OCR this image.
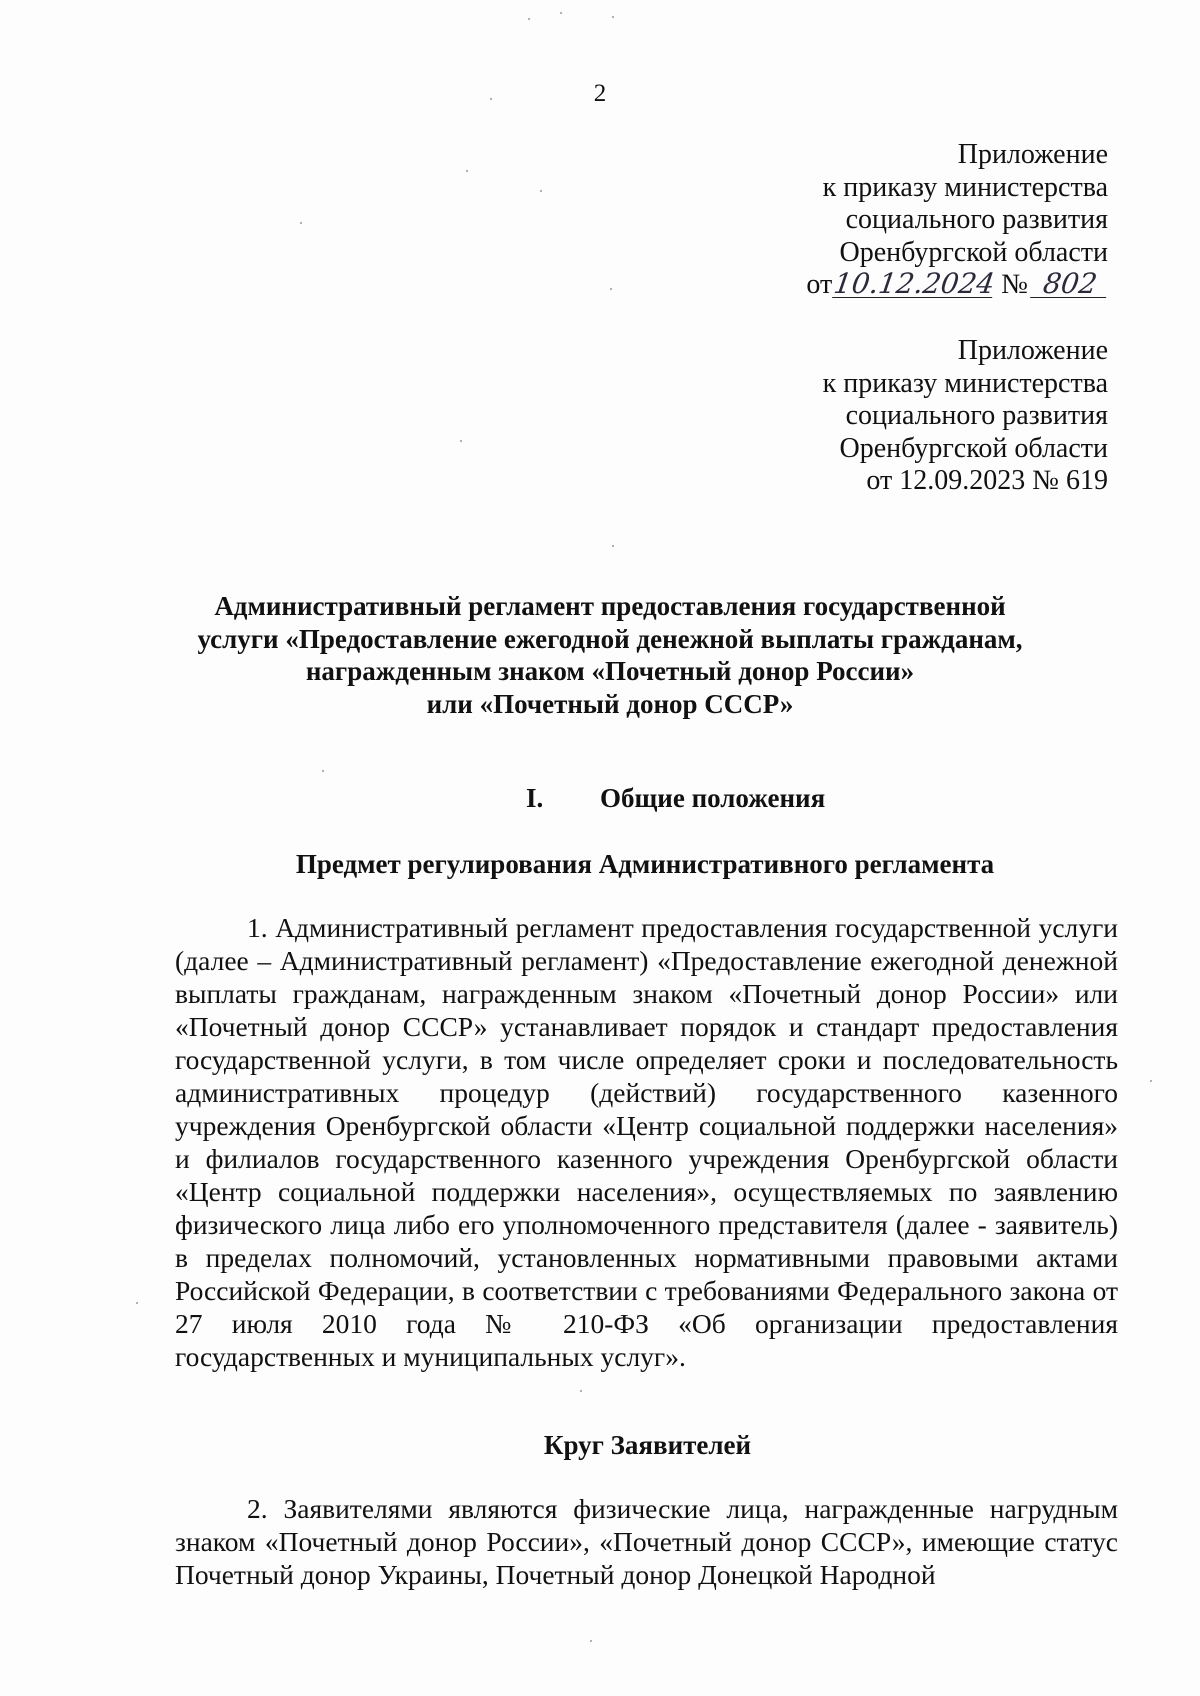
2
Приложение
к приказу министерства
социального развития
Оренбургской области
от10.12.2024 № 802
Приложение
к приказу министерства
социального развития
Оренбургской области
от 12.09.2023 № 619
Административный регламент предоставления государственной
услуги «Предоставление ежегодной денежной выплаты гражданам,
награжденным знаком «Почетный донор России»
или «Почетный донор СССР»
I. Общие положения
Предмет регулирования Административного регламента

1. Административный регламент предоставления государственной услуги (далее – Административный регламент) «Предоставление ежегодной денежной выплаты гражданам, награжденным знаком «Почетный донор России» или «Почетный донор СССР» устанавливает порядок и стандарт предоставления государственной услуги, в том числе определяет сроки и последовательность административных процедур (действий) государственного казенного учреждения Оренбургской области «Центр социальной поддержки населения» и филиалов государственного казенного учреждения Оренбургской области «Центр социальной поддержки населения», осуществляемых по заявлению физического лица либо его уполномоченного представителя (далее - заявитель) в пределах полномочий, установленных нормативными правовыми актами Российской Федерации, в соответствии с требованиями Федерального закона от 27 июля 2010 года № 210-ФЗ «Об организации предоставления государственных и муниципальных услуг».

Круг Заявителей

2. Заявителями являются физические лица, награжденные нагрудным знаком «Почетный донор России», «Почетный донор СССР», имеющие статус Почетный донор Украины, Почетный донор Донецкой Народной
